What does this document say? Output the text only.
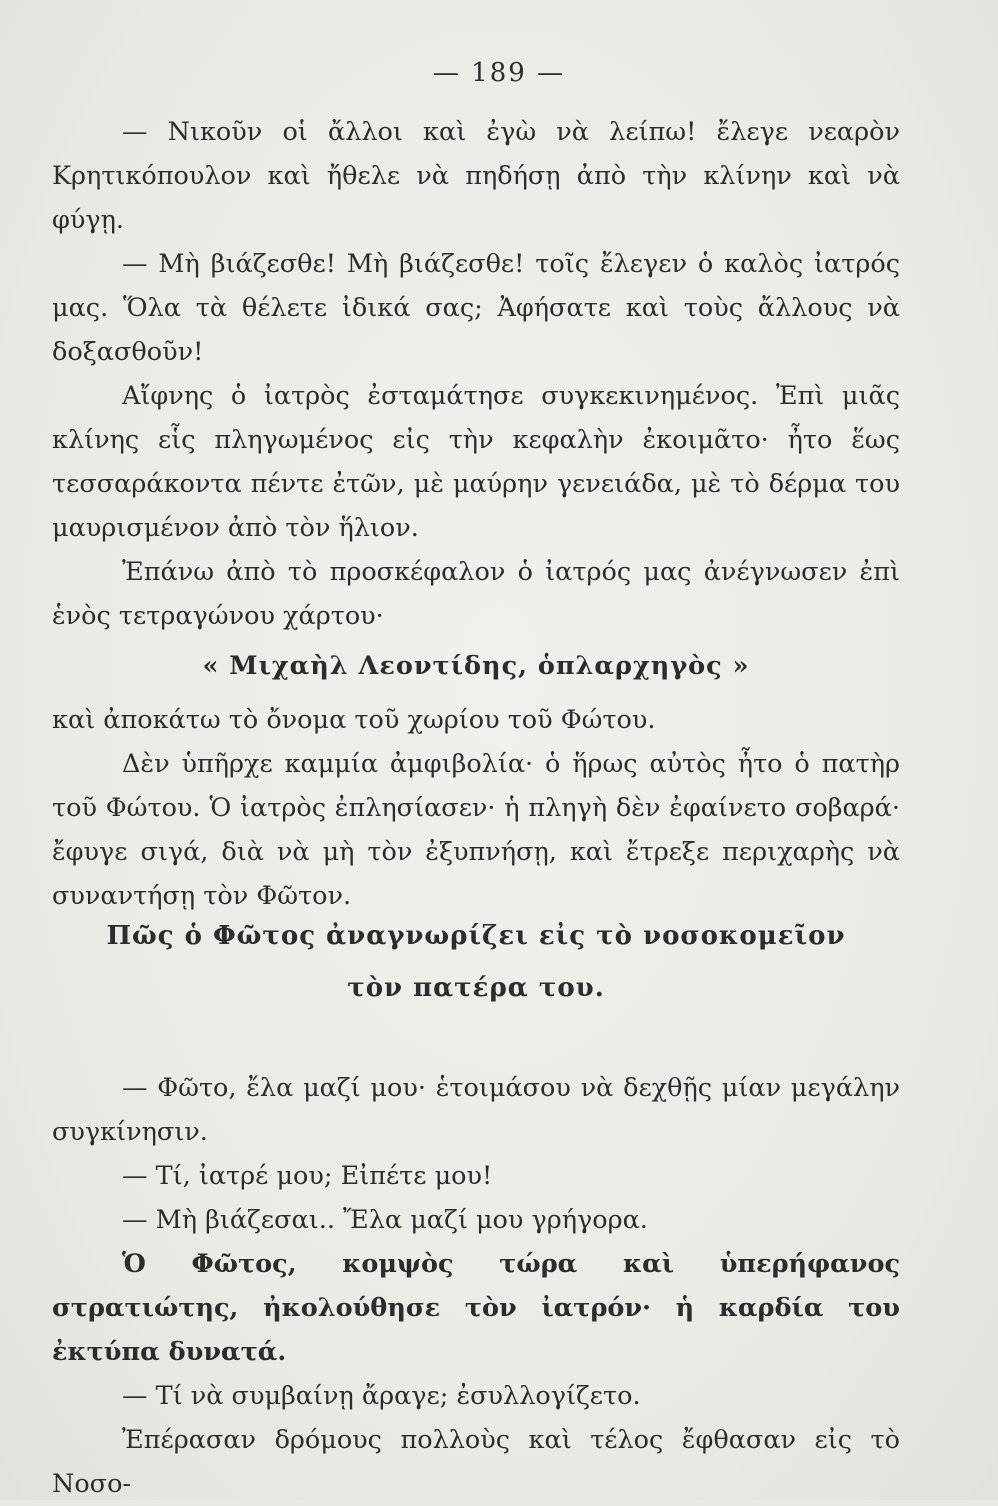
— 189 —

— Νικοῦν οἱ ἄλλοι καὶ ἐγὼ νὰ λείπω! ἔλεγε νεαρὸν Κρητικόπουλον καὶ ἤθελε νὰ πηδήσῃ ἀπὸ τὴν κλίνην καὶ νὰ φύγῃ.

— Μὴ βιάζεσθε! Μὴ βιάζεσθε! τοῖς ἔλεγεν ὁ καλὸς ἰατρός μας. Ὅλα τὰ θέλετε ἰδικά σας; Ἀφήσατε καὶ τοὺς ἄλλους νὰ δοξασθοῦν!

Αἴφνης ὁ ἰατρὸς ἐσταμάτησε συγκεκινημένος. Ἐπὶ μιᾶς κλίνης εἷς πληγωμένος εἰς τὴν κεφαλὴν ἐκοιμᾶτο· ἦτο ἕως τεσσαράκοντα πέντε ἐτῶν, μὲ μαύρην γενειάδα, μὲ τὸ δέρμα του μαυρισμένον ἀπὸ τὸν ἥλιον.

Ἐπάνω ἀπὸ τὸ προσκέφαλον ὁ ἰατρός μας ἀνέγνωσεν ἐπὶ ἑνὸς τετραγώνου χάρτου·

« Μιχαὴλ Λεοντίδης, ὁπλαρχηγὸς »

καὶ ἀποκάτω τὸ ὄνομα τοῦ χωρίου τοῦ Φώτου.

Δὲν ὑπῆρχε καμμία ἀμφιβολία· ὁ ἥρως αὐτὸς ἦτο ὁ πατὴρ τοῦ Φώτου. Ὁ ἰατρὸς ἐπλησίασεν· ἡ πληγὴ δὲν ἐφαίνετο σοβαρά· ἔφυγε σιγά, διὰ νὰ μὴ τὸν ἐξυπνήσῃ, καὶ ἔτρεξε περιχαρὴς νὰ συναντήσῃ τὸν Φῶτον.

Πῶς ὁ Φῶτος ἀναγνωρίζει εἰς τὸ νοσοκομεῖον
τὸν πατέρα του.

— Φῶτο, ἔλα μαζί μου· ἑτοιμάσου νὰ δεχθῇς μίαν μεγάλην συγκίνησιν.

— Τί, ἰατρέ μου; Εἰπέτε μου!

— Μὴ βιάζεσαι.. Ἔλα μαζί μου γρήγορα.

Ὁ Φῶτος, κομψὸς τώρα καὶ ὑπερήφανος στρατιώτης, ἠκολούθησε τὸν ἰατρόν· ἡ καρδία του ἐκτύπα δυνατά.

— Τί νὰ συμβαίνῃ ἄραγε; ἐσυλλογίζετο.

Ἐπέρασαν δρόμους πολλοὺς καὶ τέλος ἔφθασαν εἰς τὸ Νοσο-
